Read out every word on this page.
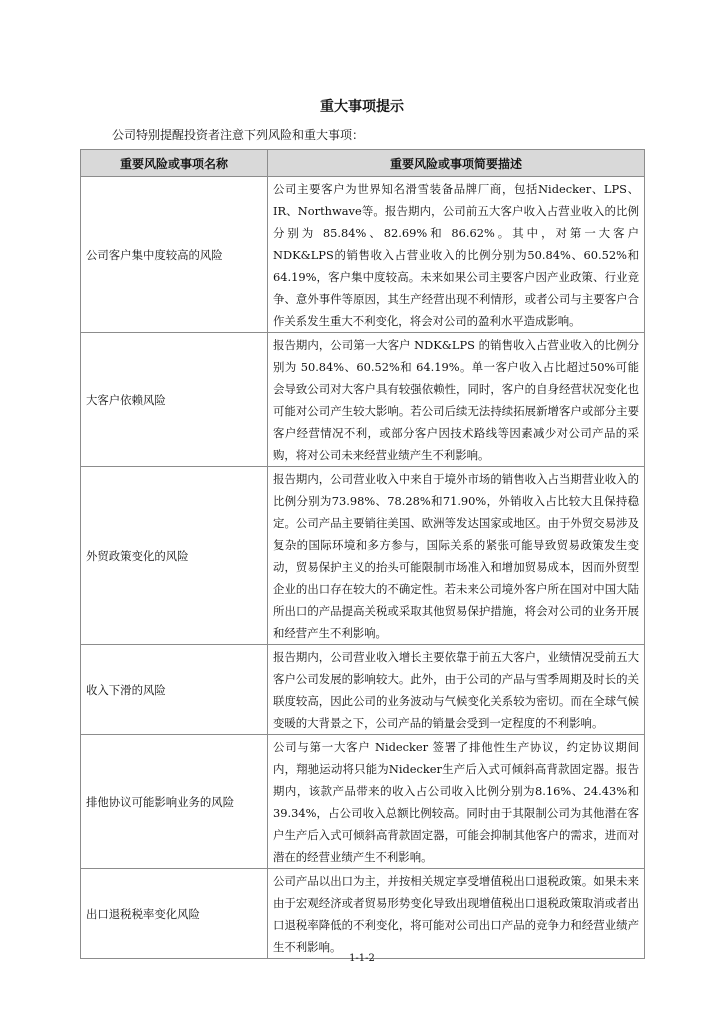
重大事项提示

公司特别提醒投资者注意下列风险和重大事项：

重要风险或事项名称	重要风险或事项简要描述
公司客户集中度较高的风险	公司主要客户为世界知名滑雪装备品牌厂商，包括Nidecker、LPS、IR、Northwave等。报告期内，公司前五大客户收入占营业收入的比例分别为 85.84%、82.69%和 86.62%。其中，对第一大客户NDK&LPS的销售收入占营业收入的比例分别为50.84%、60.52%和64.19%，客户集中度较高。未来如果公司主要客户因产业政策、行业竞争、意外事件等原因，其生产经营出现不利情形，或者公司与主要客户合作关系发生重大不利变化，将会对公司的盈利水平造成影响。
大客户依赖风险	报告期内，公司第一大客户 NDK&LPS 的销售收入占营业收入的比例分别为 50.84%、60.52%和 64.19%。单一客户收入占比超过50%可能会导致公司对大客户具有较强依赖性，同时，客户的自身经营状况变化也可能对公司产生较大影响。若公司后续无法持续拓展新增客户或部分主要客户经营情况不利，或部分客户因技术路线等因素减少对公司产品的采购，将对公司未来经营业绩产生不利影响。
外贸政策变化的风险	报告期内，公司营业收入中来自于境外市场的销售收入占当期营业收入的比例分别为73.98%、78.28%和71.90%，外销收入占比较大且保持稳定。公司产品主要销往美国、欧洲等发达国家或地区。由于外贸交易涉及复杂的国际环境和多方参与，国际关系的紧张可能导致贸易政策发生变动，贸易保护主义的抬头可能限制市场准入和增加贸易成本，因而外贸型企业的出口存在较大的不确定性。若未来公司境外客户所在国对中国大陆所出口的产品提高关税或采取其他贸易保护措施，将会对公司的业务开展和经营产生不利影响。
收入下滑的风险	报告期内，公司营业收入增长主要依靠于前五大客户，业绩情况受前五大客户公司发展的影响较大。此外，由于公司的产品与雪季周期及时长的关联度较高，因此公司的业务波动与气候变化关系较为密切。而在全球气候变暖的大背景之下，公司产品的销量会受到一定程度的不利影响。
排他协议可能影响业务的风险	公司与第一大客户 Nidecker 签署了排他性生产协议，约定协议期间内，翔驰运动将只能为Nidecker生产后入式可倾斜高背款固定器。报告期内，该款产品带来的收入占公司收入比例分别为8.16%、24.43%和 39.34%，占公司收入总额比例较高。同时由于其限制公司为其他潜在客户生产后入式可倾斜高背款固定器，可能会抑制其他客户的需求，进而对潜在的经营业绩产生不利影响。
出口退税税率变化风险	公司产品以出口为主，并按相关规定享受增值税出口退税政策。如果未来由于宏观经济或者贸易形势变化导致出现增值税出口退税政策取消或者出口退税率降低的不利变化，将可能对公司出口产品的竞争力和经营业绩产生不利影响。

1-1-2
